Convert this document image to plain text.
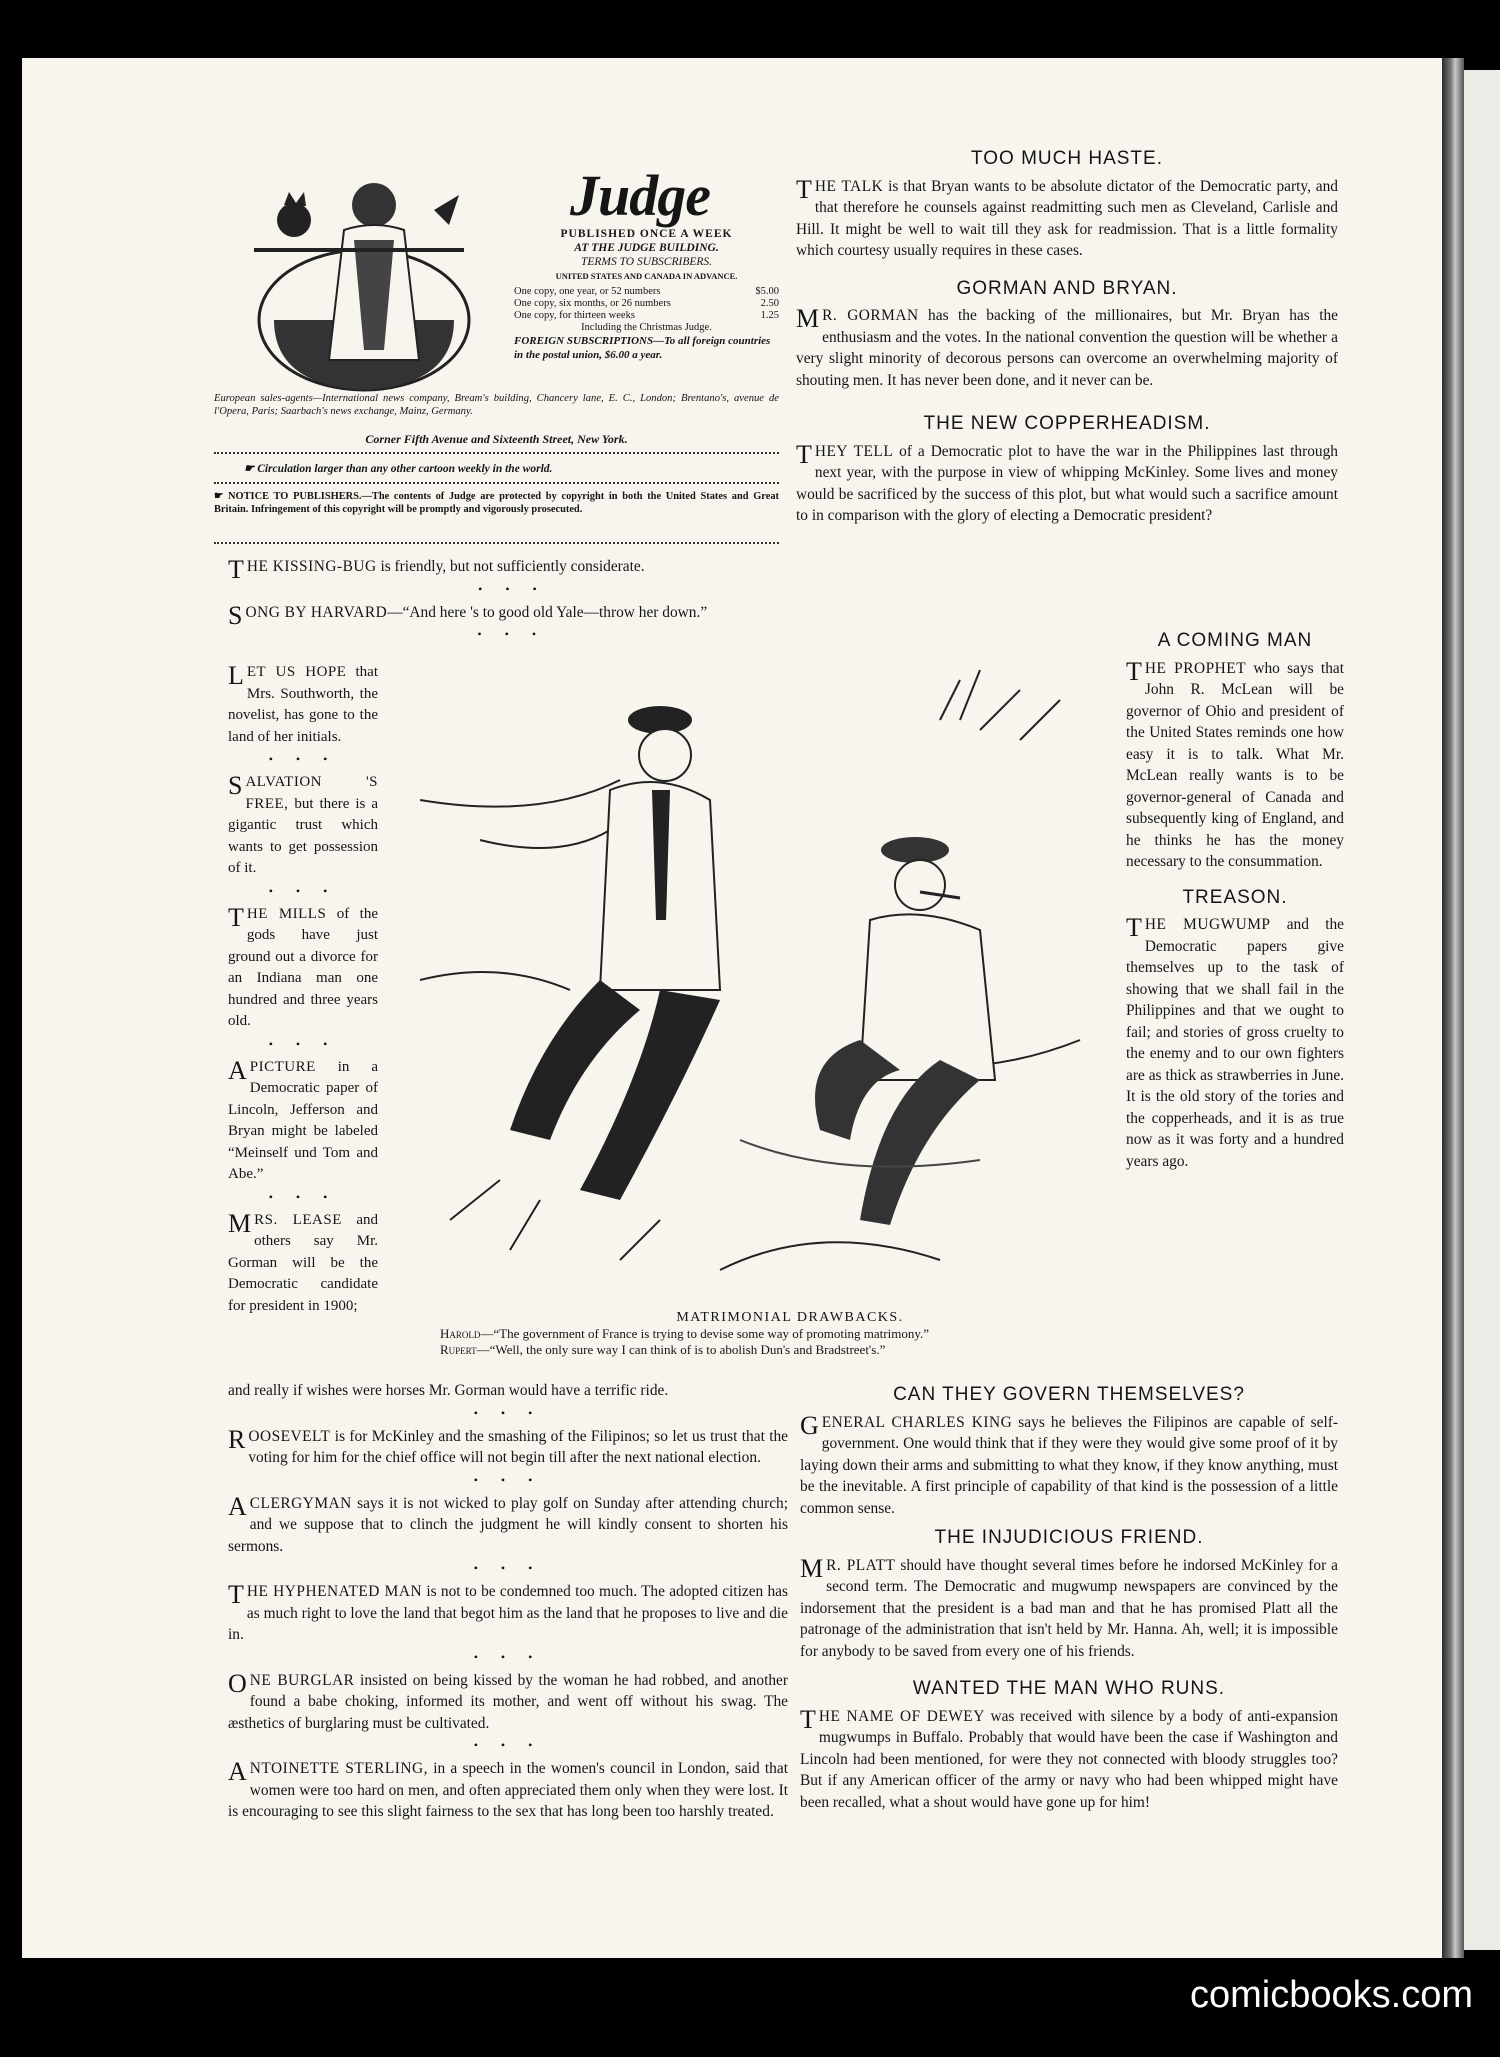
Judge

PUBLISHED ONCE A WEEK

AT THE JUDGE BUILDING.

TERMS TO SUBSCRIBERS.

UNITED STATES AND CANADA IN ADVANCE.

One copy, one year, or 52 numbers	$5.00
One copy, six months, or 26 numbers	2.50
One copy, for thirteen weeks	1.25
Including the Christmas Judge.

FOREIGN SUBSCRIPTIONS—To all foreign countries in the postal union, $6.00 a year.

European sales-agents—International news company, Bream's building, Chancery lane, E. C., London; Brentano's, avenue de l'Opera, Paris; Saarbach's news exchange, Mainz, Germany.
Corner Fifth Avenue and Sixteenth Street, New York.
☛ Circulation larger than any other cartoon weekly in the world.
☛ NOTICE TO PUBLISHERS.—The contents of Judge are protected by copyright in both the United States and Great Britain. Infringement of this copyright will be promptly and vigorously prosecuted.

THE KISSING-BUG is friendly, but not sufficiently considerate.

• • •

SONG BY HARVARD—“And here 's to good old Yale—throw her down.”

• • •

LET US HOPE that Mrs. Southworth, the novelist, has gone to the land of her initials.

• • •

SALVATION 'S FREE, but there is a gigantic trust which wants to get possession of it.

• • •

THE MILLS of the gods have just ground out a divorce for an Indiana man one hundred and three years old.

• • •

A PICTURE in a Democratic paper of Lincoln, Jefferson and Bryan might be labeled “Meinself und Tom and Abe.”

• • •

MRS. LEASE and others say Mr. Gorman will be the Democratic candidate for president in 1900;

and really if wishes were horses Mr. Gorman would have a terrific ride.

• • •

ROOSEVELT is for McKinley and the smashing of the Filipinos; so let us trust that the voting for him for the chief office will not begin till after the next national election.

• • •

A CLERGYMAN says it is not wicked to play golf on Sunday after attending church; and we suppose that to clinch the judgment he will kindly consent to shorten his sermons.

• • •

THE HYPHENATED MAN is not to be condemned too much. The adopted citizen has as much right to love the land that begot him as the land that he proposes to live and die in.

• • •

ONE BURGLAR insisted on being kissed by the woman he had robbed, and another found a babe choking, informed its mother, and went off without his swag. The æsthetics of burglaring must be cultivated.

• • •

ANTOINETTE STERLING, in a speech in the women's council in London, said that women were too hard on men, and often appreciated them only when they were lost. It is encouraging to see this slight fairness to the sex that has long been too harshly treated.

TOO MUCH HASTE.

THE TALK is that Bryan wants to be absolute dictator of the Democratic party, and that therefore he counsels against readmitting such men as Cleveland, Carlisle and Hill. It might be well to wait till they ask for readmission. That is a little formality which courtesy usually requires in these cases.

GORMAN AND BRYAN.

M R. GORMAN has the backing of the millionaires, but Mr. Bryan has the enthusiasm and the votes. In the national convention the question will be whether a very slight minority of decorous persons can overcome an overwhelming majority of shouting men. It has never been done, and it never can be.

THE NEW COPPERHEADISM.

THEY TELL of a Democratic plot to have the war in the Philippines last through next year, with the purpose in view of whipping McKinley. Some lives and money would be sacrificed by the success of this plot, but what would such a sacrifice amount to in comparison with the glory of electing a Democratic president?

A COMING MAN

THE PROPHET who says that John R. McLean will be governor of Ohio and president of the United States reminds one how easy it is to talk. What Mr. McLean really wants is to be governor-general of Canada and subsequently king of England, and he thinks he has the money necessary to the consummation.

TREASON.

THE MUGWUMP and the Democratic papers give themselves up to the task of showing that we shall fail in the Philippines and that we ought to fail; and stories of gross cruelty to the enemy and to our own fighters are as thick as strawberries in June. It is the old story of the tories and the copperheads, and it is as true now as it was forty and a hundred years ago.

MATRIMONIAL DRAWBACKS.
Harold—“The government of France is trying to devise some way of promoting matrimony.”
Rupert—“Well, the only sure way I can think of is to abolish Dun's and Bradstreet's.”
CAN THEY GOVERN THEMSELVES?

GENERAL CHARLES KING says he believes the Filipinos are capable of self-government. One would think that if they were they would give some proof of it by laying down their arms and submitting to what they know, if they know anything, must be the inevitable. A first principle of capability of that kind is the possession of a little common sense.

THE INJUDICIOUS FRIEND.

M R. PLATT should have thought several times before he indorsed McKinley for a second term. The Democratic and mugwump newspapers are convinced by the indorsement that the president is a bad man and that he has promised Platt all the patronage of the administration that isn't held by Mr. Hanna. Ah, well; it is impossible for anybody to be saved from every one of his friends.

WANTED THE MAN WHO RUNS.

THE NAME OF DEWEY was received with silence by a body of anti-expansion mugwumps in Buffalo. Probably that would have been the case if Washington and Lincoln had been mentioned, for were they not connected with bloody struggles too? But if any American officer of the army or navy who had been whipped might have been recalled, what a shout would have gone up for him!

comicbooks.com
